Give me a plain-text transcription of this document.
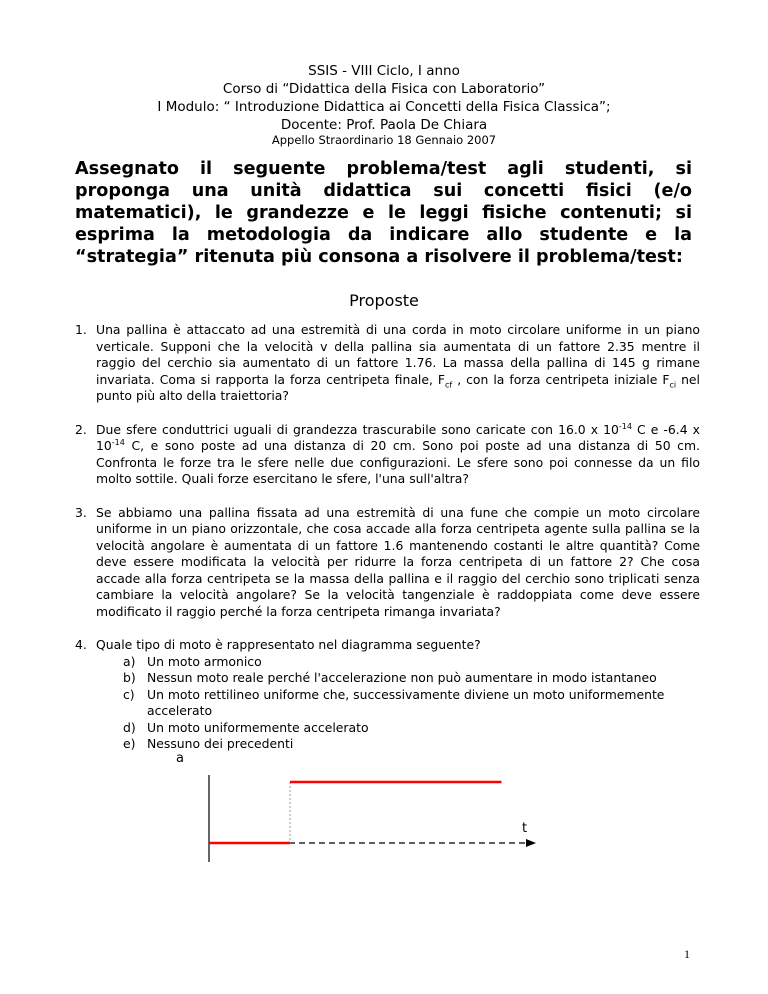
SSIS - VIII Ciclo, I anno
Corso di “Didattica della Fisica con Laboratorio”
I Modulo: “ Introduzione Didattica ai Concetti della Fisica Classica”;
Docente: Prof. Paola De Chiara
Appello Straordinario 18 Gennaio 2007
Assegnato il seguente problema/test agli studenti, si proponga una unità didattica sui concetti fisici (e/o matematici), le grandezze e le leggi fisiche contenuti; si esprima la metodologia da indicare allo studente e la “strategia” ritenuta più consona a risolvere il problema/test:
Proposte
1. Una pallina è attaccato ad una estremità di una corda in moto circolare uniforme in un piano verticale. Supponi che la velocità v della pallina sia aumentata di un fattore 2.35 mentre il raggio del cerchio sia aumentato di un fattore 1.76. La massa della pallina di 145 g rimane invariata. Coma si rapporta la forza centripeta finale, $F_{cf}$ , con la forza centripeta iniziale $F_{ci}$ nel punto più alto della traiettoria?
2. Due sfere conduttrici uguali di grandezza trascurabile sono caricate con 16.0 x $10^{-14}$ C e -6.4 x $10^{-14}$ C, e sono poste ad una distanza di 20 cm. Sono poi poste ad una distanza di 50 cm. Confronta le forze tra le sfere nelle due configurazioni. Le sfere sono poi connesse da un filo molto sottile. Quali forze esercitano le sfere, l'una sull'altra?
3. Se abbiamo una pallina fissata ad una estremità di una fune che compie un moto circolare uniforme in un piano orizzontale, che cosa accade alla forza centripeta agente sulla pallina se la velocità angolare è aumentata di un fattore 1.6 mantenendo costanti le altre quantità? Come deve essere modificata la velocità per ridurre la forza centripeta di un fattore 2? Che cosa accade alla forza centripeta se la massa della pallina e il raggio del cerchio sono triplicati senza cambiare la velocità angolare? Se la velocità tangenziale è raddoppiata come deve essere modificato il raggio perché la forza centripeta rimanga invariata?
4. Quale tipo di moto è rappresentato nel diagramma seguente?
a) Un moto armonico
b) Nessun moto reale perché l'accelerazione non può aumentare in modo istantaneo
c) Un moto rettilineo uniforme che, successivamente diviene un moto uniformemente accelerato
d) Un moto uniformemente accelerato
e) Nessuno dei precedenti
a
t
1
